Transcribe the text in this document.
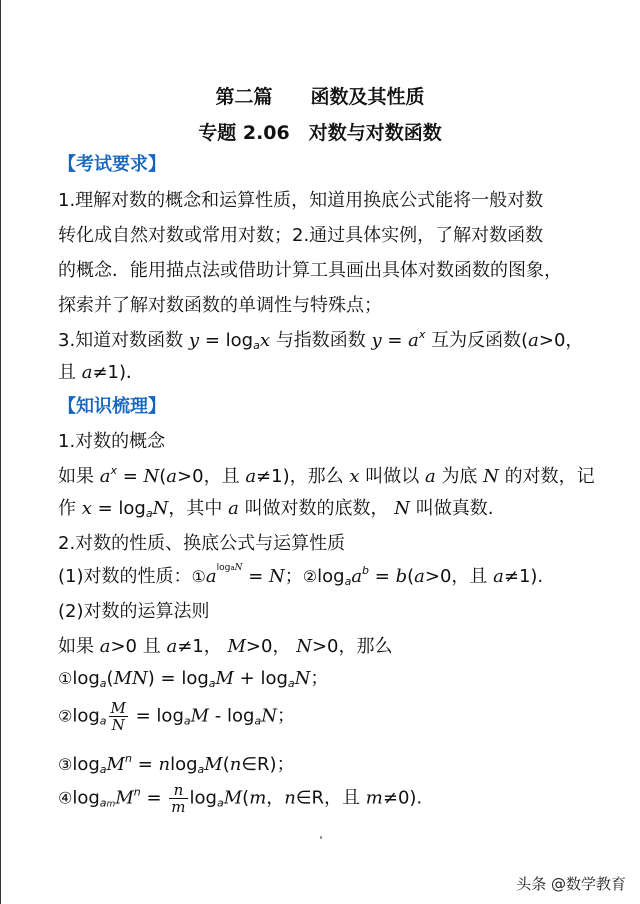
第二篇　　 函数及其性质
专题 2.06　 对数与对数函数
【考试要求】
1.理解对数的概念和运算性质，知道用换底公式能将一般对数
转化成自然对数或常用对数；2.通过具体实例，了解对数函数
的概念．能用描点法或借助计算工具画出具体对数函数的图象，
探索并了解对数函数的单调性与特殊点；
3.知道对数函数 $y = \log_ax$ 与指数函数 $y = a^x$ 互为反函数(a>0，
且 a≠1)．
【知识梳理】
1.对数的概念
如果 $a^x = N(a>0$，且 a≠1)，那么 x 叫做以 a 为底 N 的对数，记
作 $x = \log_aN$，其中 a 叫做对数的底数， N 叫做真数.
2.对数的性质、换底公式与运算性质
(1)对数的性质：$①a^{logaN} = N$；$②\log_aa^b = b(a>0$，且 a≠1).
(2)对数的运算法则
如果 a>0 且 a≠1， M>0， N>0，那么
$①\log_a(MN) = \log_aM + \log_aN$；
$②\log_a \frac{M}{N} = \log_aM - \log_aN$；
$③\log_aM^n$ = nlog$_a$M(n∈R)；
$④\log_amM^n = \frac{n}{m} \log_aM(m$，n∈R，且 m≠0).
头条 @数学教育
